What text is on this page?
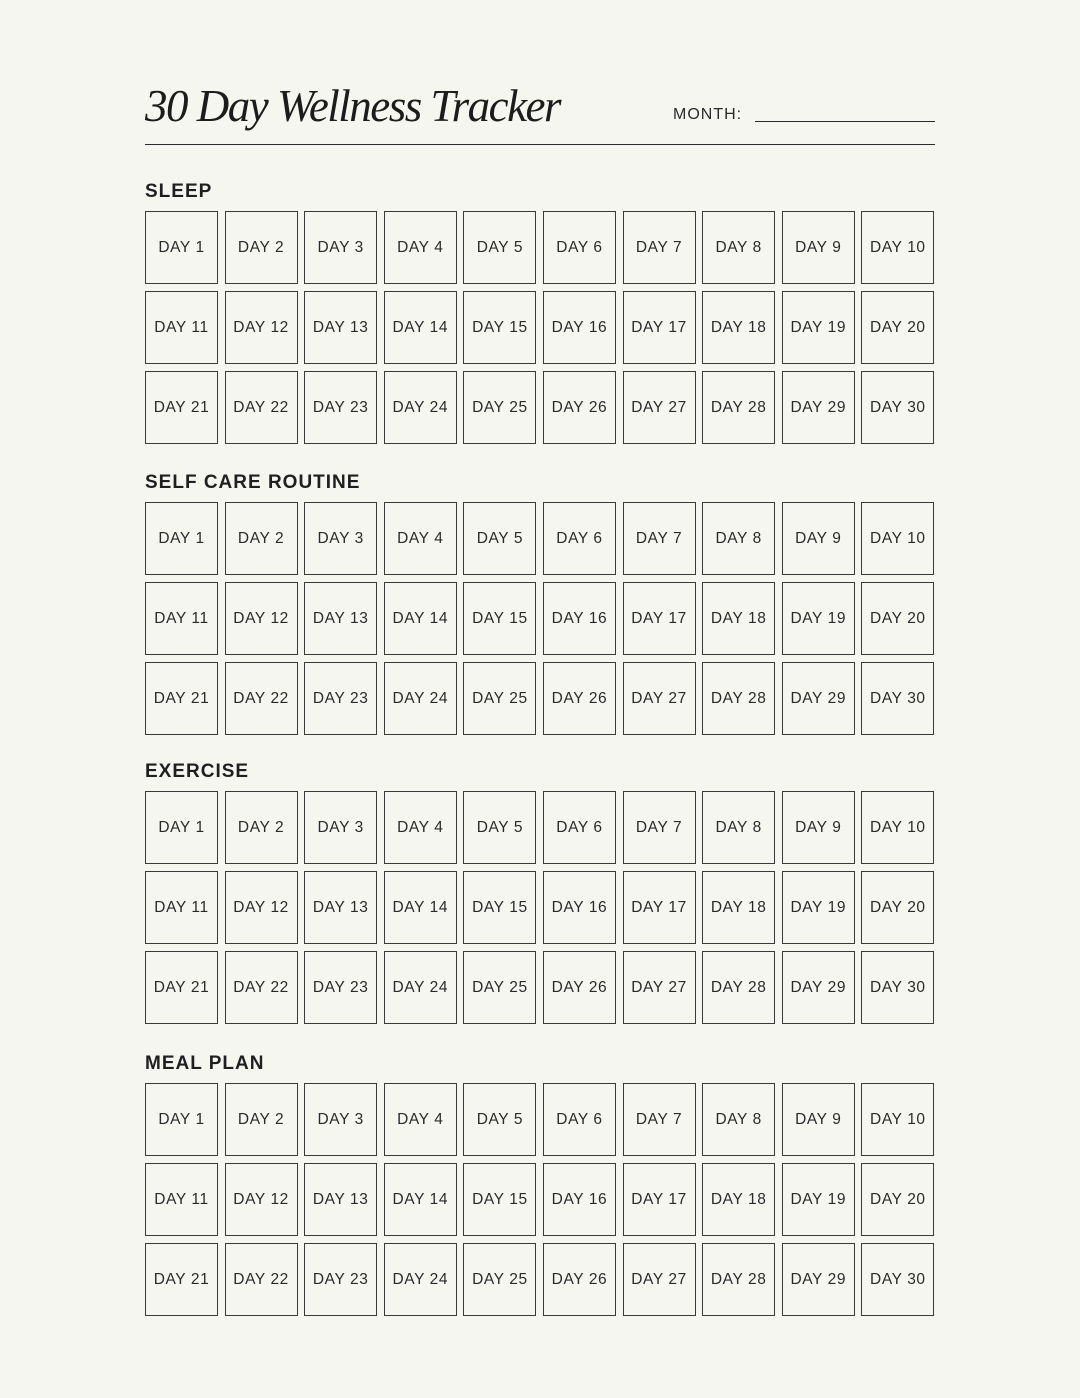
30 Day Wellness Tracker	MONTH:
SLEEP
DAY 1	DAY 2	DAY 3	DAY 4	DAY 5	DAY 6	DAY 7	DAY 8	DAY 9	DAY 10
DAY 11	DAY 12	DAY 13	DAY 14	DAY 15	DAY 16	DAY 17	DAY 18	DAY 19	DAY 20
DAY 21	DAY 22	DAY 23	DAY 24	DAY 25	DAY 26	DAY 27	DAY 28	DAY 29	DAY 30
SELF CARE ROUTINE
DAY 1	DAY 2	DAY 3	DAY 4	DAY 5	DAY 6	DAY 7	DAY 8	DAY 9	DAY 10
DAY 11	DAY 12	DAY 13	DAY 14	DAY 15	DAY 16	DAY 17	DAY 18	DAY 19	DAY 20
DAY 21	DAY 22	DAY 23	DAY 24	DAY 25	DAY 26	DAY 27	DAY 28	DAY 29	DAY 30
EXERCISE
DAY 1	DAY 2	DAY 3	DAY 4	DAY 5	DAY 6	DAY 7	DAY 8	DAY 9	DAY 10
DAY 11	DAY 12	DAY 13	DAY 14	DAY 15	DAY 16	DAY 17	DAY 18	DAY 19	DAY 20
DAY 21	DAY 22	DAY 23	DAY 24	DAY 25	DAY 26	DAY 27	DAY 28	DAY 29	DAY 30
MEAL PLAN
DAY 1	DAY 2	DAY 3	DAY 4	DAY 5	DAY 6	DAY 7	DAY 8	DAY 9	DAY 10
DAY 11	DAY 12	DAY 13	DAY 14	DAY 15	DAY 16	DAY 17	DAY 18	DAY 19	DAY 20
DAY 21	DAY 22	DAY 23	DAY 24	DAY 25	DAY 26	DAY 27	DAY 28	DAY 29	DAY 30
